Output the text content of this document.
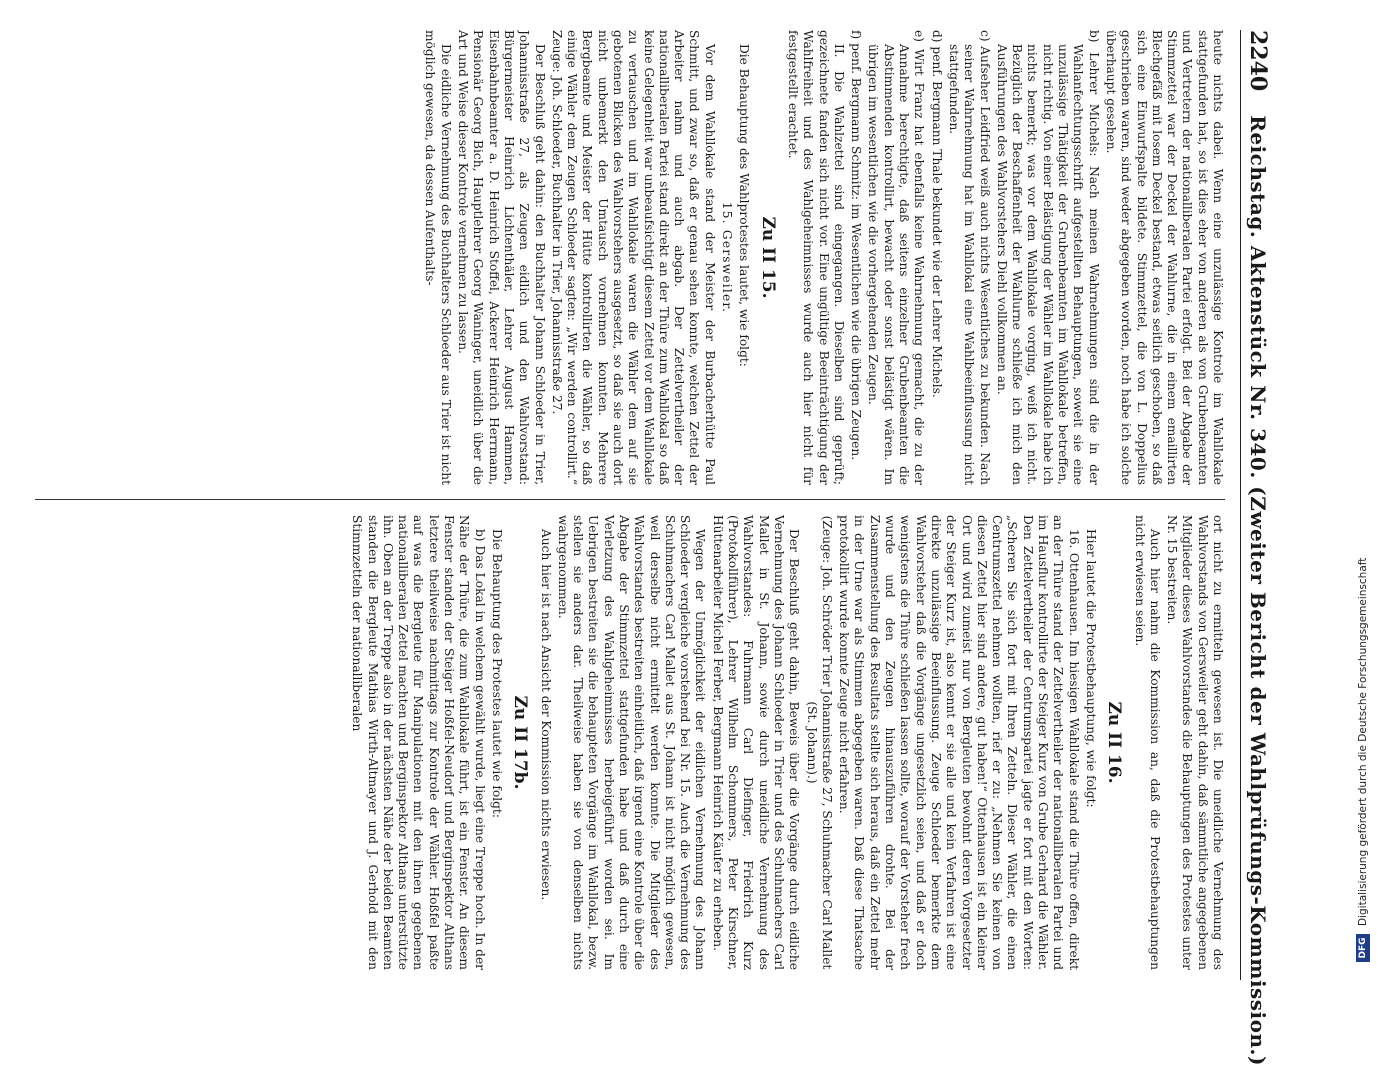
2240
Reichstag. Aktenstück Nr. 340. (Zweiter Bericht der Wahlprüfungs-Kommission.)

heute nichts dabei. Wenn eine unzulässige Kontrole im Wahllokale stattgefunden hat, so ist dies eher von anderen als von Grubenbeamten und Vertretern der nationalliberalen Partei erfolgt. Bei der Abgabe der Stimmzettel war der Deckel der Wahlurne, die in einem emaillirten Blechgefäß mit losem Deckel bestand, etwas seitlich geschoben, so daß sich eine Einwurfspalte bildete. Stimmzettel, die von L. Doppelius geschrieben waren, sind weder abgegeben worden, noch habe ich solche überhaupt gesehen.

b) Lehrer Michels: Nach meinen Wahrnehmungen sind die in der Wahlanfechtungsschrift aufgestellten Behauptungen, soweit sie eine unzulässige Thätigkeit der Grubenbeamten im Wahllokale betreffen, nicht richtig. Von einer Belästigung der Wähler im Wahllokale habe ich nichts bemerkt; was vor dem Wahllokale vorging, weiß ich nicht. Bezüglich der Beschaffenheit der Wahlurne schließe ich mich den Ausführungen des Wahlvorstehers Diehl vollkommen an.

c) Aufseher Leidfried weiß auch nichts Wesentliches zu bekunden. Nach seiner Wahrnehmung hat im Wahllokal eine Wahlbeeinflussung nicht stattgefunden.

d) penf. Bergmann Thale bekundet wie der Lehrer Michels.

e) Wirt Franz hat ebenfalls keine Wahrnehmung gemacht, die zu der Annahme berechtigte, daß seitens einzelner Grubenbeamten die Abstimmenden kontrollirt, bewacht oder sonst belästigt wären. Im übrigen im wesentlichen wie die vorhergehenden Zeugen.

f) penf. Bergmann Schmitz: im Wesentlichen wie die übrigen Zeugen.

II. Die Wahlzettel sind eingegangen. Dieselben sind geprüft; gezeichnete fanden sich nicht vor. Eine ungültige Beeinträchtigung der Wahlfreiheit und des Wahlgeheimnisses wurde auch hier nicht für festgestellt erachtet.

Zu II 15.

Die Behauptung des Wahlprotestes lautet, wie folgt:

15. Gersweiler.

Vor dem Wahllokale stand der Meister der Burbacherhütte Paul Schmitt, und zwar so, daß er genau sehen konnte, welchen Zettel der Arbeiter nahm und auch abgab. Der Zettelvertheiler der nationalliberalen Partei stand direkt an der Thüre zum Wahllokal so daß keine Gelegenheit war unbeaufsichtigt diesem Zettel vor dem Wahllokale zu vertauschen und im Wahllokale waren die Wähler dem auf sie gebotenen Blicken des Wahlvorstehers ausgesetzt, so daß sie auch dort nicht unbemerkt den Umtausch vornehmen konnten. Mehrere Bergbeamte und Meister der Hütte kontrollirten die Wähler, so daß einige Wähler dem Zeugen Schloeder sagten: „Wir werden controllirt.“ Zeuge: Joh. Schloeder, Buchhalter in Trier, Johannisstraße 27.

Der Beschluß geht dahin: den Buchhalter Johann Schloeder in Trier, Johannisstraße 27, als Zeugen eidlich und den Wahlvorstand: Bürgermeister Heinrich Lichtenthäler, Lehrer August Hammen, Eisenbahnbeamter a. D. Heinrich Stoffel, Ackerer Heinrich Herrmann, Pensionär Georg Bich, Hauptlehrer Georg Waninger, uneidlich über die Art und Weise dieser Kontrole vernehmen zu lassen.

Die eidliche Vernehmung des Buchhalters Schloeder aus Trier ist nicht möglich gewesen, da dessen Aufenthalts-

ort nicht zu ermitteln gewesen ist. Die uneidliche Vernehmung des Wahlvorstands von Gersweiler geht dahin, daß sämmtliche angegebenen Mitglieder dieses Wahlvorstandes die Behauptungen des Protestes unter Nr. 15 bestreiten.

Auch hier nahm die Kommission an, daß die Protestbehauptungen nicht erwiesen seien.

Zu II 16.

Hier lautet die Protestbehauptung, wie folgt:

16. Ottenhausen. Im hiesigen Wahllokale stand die Thüre offen, direkt an der Thüre stand der Zettelvertheiler der nationalliberalen Partei und im Hausflur kontrollirte der Steiger Kurz von Grube Gerhard die Wähler. Den Zettelvertheiler der Centrumspartei jagte er fort mit den Worten: „Scheren Sie sich fort mit Ihren Zetteln. Dieser Wähler, die einen Centrumszettel nehmen wollten, rief er zu: „Nehmen Sie keinen von diesen Zettel hier sind andere, gut haben!“ Ottenhausen ist ein kleiner Ort und wird zumeist nur von Bergleuten bewohnt deren Vorgesetzter der Steiger Kurz ist, also kennt er sie alle und kein Verfahren ist eine direkte unzulässige Beeinflussung. Zeuge Schloeder bemerkte dem Wahlvorsteher daß die Vorgänge ungesetzlich seien, und daß er doch wenigstens die Thüre schließen lassen sollte, worauf der Vorsteher frech wurde und den Zeugen hinauszuführen drohte. Bei der Zusammenstellung des Resultats stellte sich heraus, daß ein Zettel mehr in der Urne war als Stimmen abgegeben waren. Daß diese Thatsache protokollirt wurde konnte Zeuge nicht erfahren.

(Zeuge: Joh. Schröder Trier Johannisstraße 27, Schuhmacher Carl Mallet (St. Johann).)

Der Beschluß geht dahin, Beweis über die Vorgänge durch eidliche Vernehmung des Johann Schloeder in Trier und des Schuhmachers Carl Mallet in St. Johann, sowie durch uneidliche Vernehmung des Wahlvorstandes: Fuhrmann Carl Diefinger, Friedrich Kurz (Protokollführer), Lehrer Wilhelm Schommers, Peter Kirschner, Hüttenarbeiter Michel Ferber, Bergmann Heinrich Käufer zu erheben.

Wegen der Unmöglichkeit der eidlichen Vernehmung des Johann Schloeder vergleiche vorstehend bei Nr. 15. Auch die Vernehmung des Schuhmachers Carl Mallet aus St. Johann ist nicht möglich gewesen, weil derselbe nicht ermittelt werden konnte. Die Mitglieder des Wahlvorstandes bestreiten einheitlich, daß irgend eine Kontrole über die Abgabe der Stimmzettel stattgefunden habe und daß durch eine Verletzung des Wahlgeheimnisses herbeigeführt worden sei. Im Uebrigen bestreiten sie die behaupteten Vorgänge im Wahllokal, bezw. stellen sie anders dar. Theilweise haben sie von denselben nichts wahrgenommen.

Auch hier ist nach Ansicht der Kommission nichts erwiesen.

Zu II 17b.

Die Behauptung des Protestes lautet wie folgt:

b) Das Lokal in welchem gewählt wurde, liegt eine Treppe hoch. In der Nähe der Thüre, die zum Wahllokale führt, ist ein Fenster. An diesem Fenster standen der Steiger Hoßfel-Neudorf und Berginspektor Althans letztere theilweise nachmittags zur Kontrole der Wähler. Hoßfel paßte auf was die Bergleute für Manipulationen mit den ihnen gegebenen nationalliberalen Zettel machten und Berginspektor Althans unterstützte ihn. Oben an der Treppe also in der nächsten Nähe der beiden Beamten standen die Bergleute Mathias Wirth-Altmayer und J. Gerhold mit den Stimmzetteln der nationalliberalen

DFG
Digitalisierung gefördert durch die Deutsche Forschungsgemeinschaft
